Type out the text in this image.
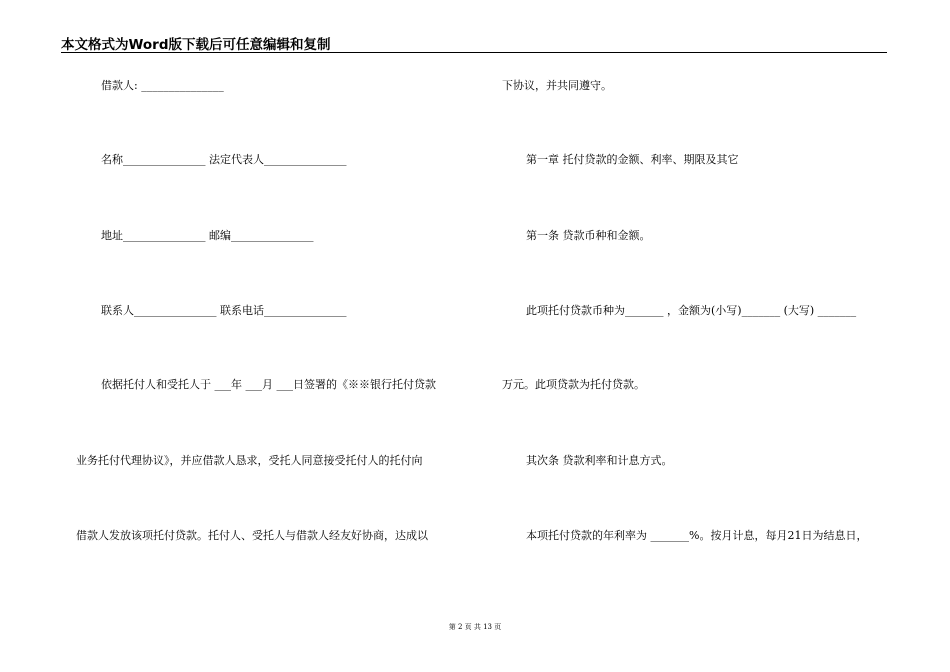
本文格式为Word版下载后可任意编辑和复制
借款人: _______________
名称_______________ 法定代表人_______________
地址_______________ 邮编_______________
联系人_______________ 联系电话_______________
依据托付人和受托人于 ___年 ___月 ___日签署的《※※银行托付贷款
业务托付代理协议》，并应借款人恳求，受托人同意接受托付人的托付向
借款人发放该项托付贷款。托付人、受托人与借款人经友好协商，达成以
下协议，并共同遵守。
第一章 托付贷款的金额、利率、期限及其它
第一条 贷款币种和金额。
此项托付贷款币种为_______ ，金额为(小写)_______ (大写) _______
万元。此项贷款为托付贷款。
其次条 贷款利率和计息方式。
本项托付贷款的年利率为 _______%。按月计息，每月21日为结息日，
第 2 页 共 13 页
